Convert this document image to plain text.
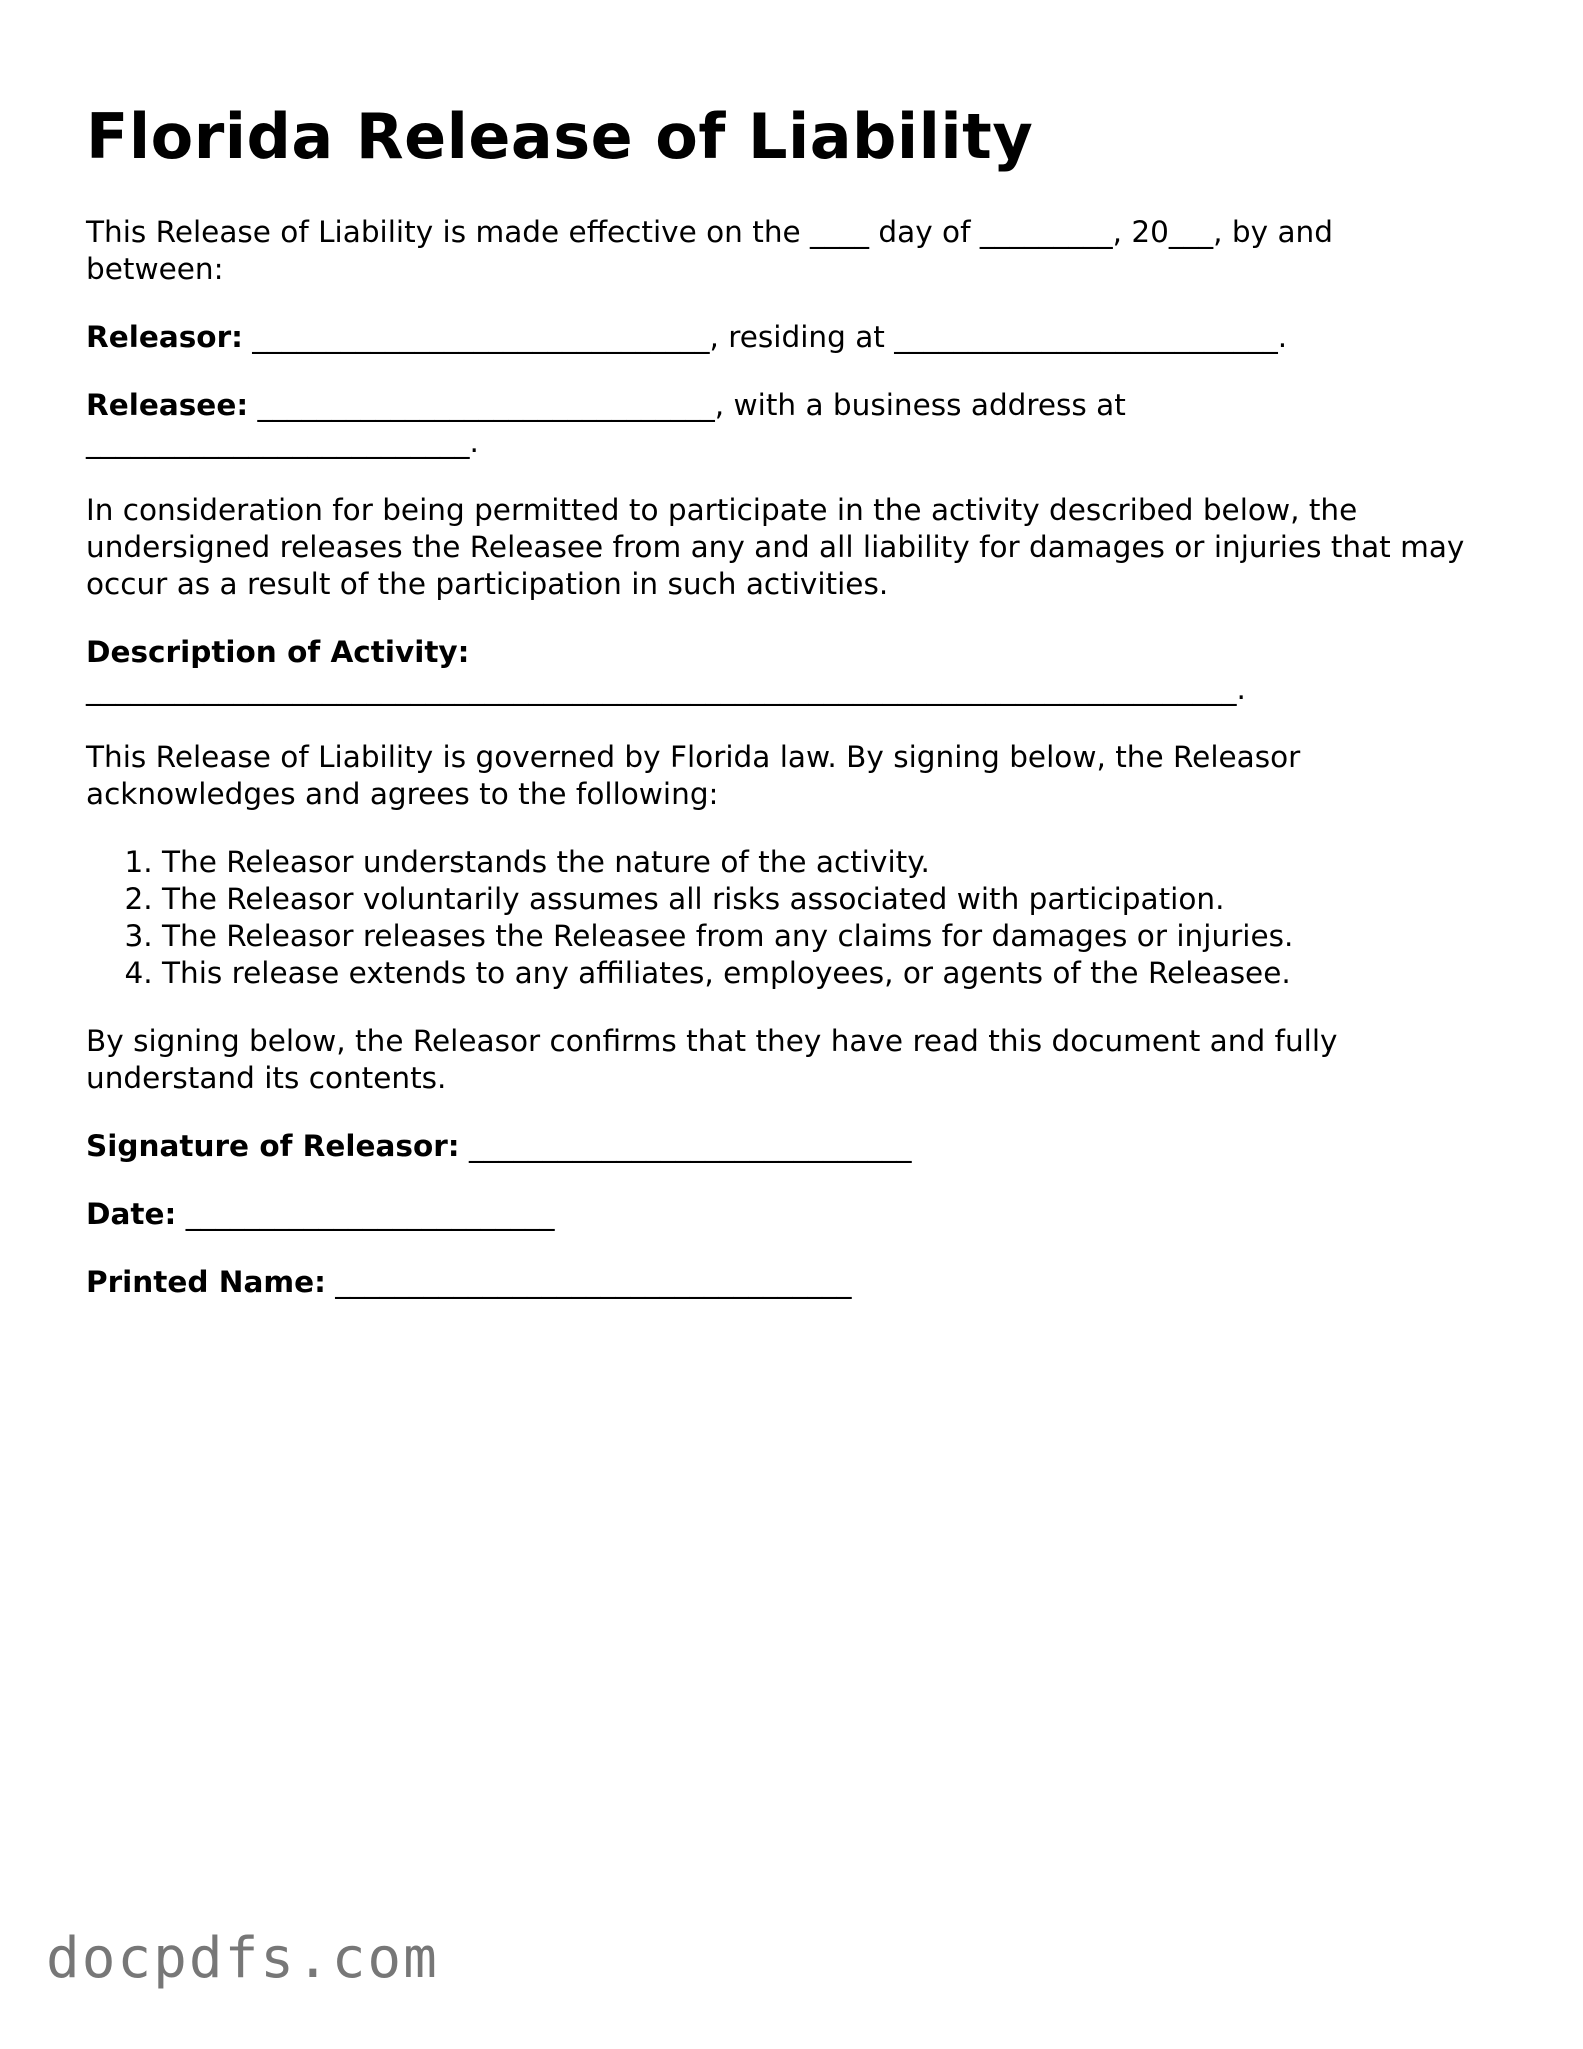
Florida Release of Liability

This Release of Liability is made effective on the ____ day of _________, 20___, by and between:

Releasor: _______________________________, residing at __________________________.

Releasee: _______________________________, with a business address at __________________________.

In consideration for being permitted to participate in the activity described below, the undersigned releases the Releasee from any and all liability for damages or injuries that may occur as a result of the participation in such activities.

Description of Activity:
______________________________________________________________________________.

This Release of Liability is governed by Florida law. By signing below, the Releasor acknowledges and agrees to the following:

1. The Releasor understands the nature of the activity.
2. The Releasor voluntarily assumes all risks associated with participation.
3. The Releasor releases the Releasee from any claims for damages or injuries.
4. This release extends to any affiliates, employees, or agents of the Releasee.

By signing below, the Releasor confirms that they have read this document and fully understand its contents.

Signature of Releasor: ______________________________

Date: _________________________

Printed Name: ___________________________________

docpdfs.com
